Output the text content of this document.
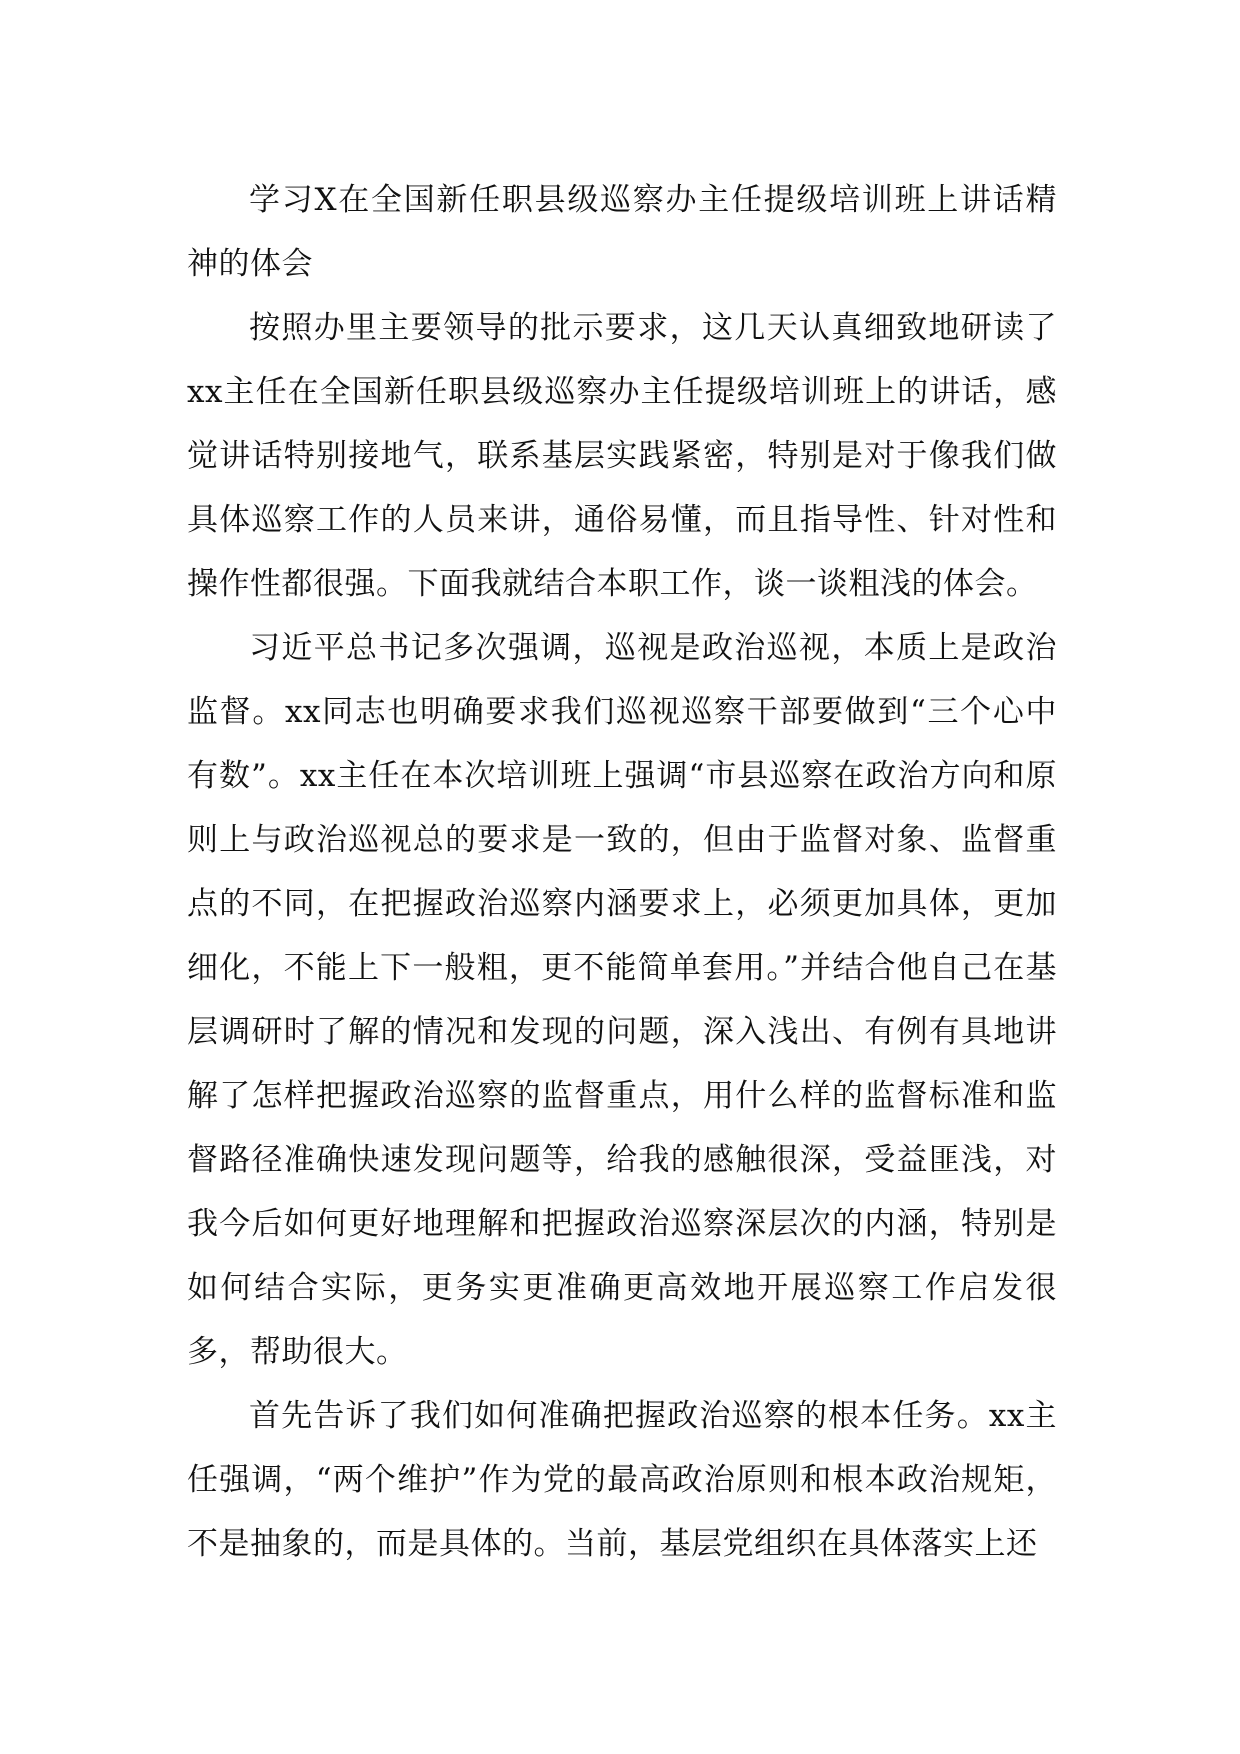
学习X在全国新任职县级巡察办主任提级培训班上讲话精神的体会

按照办里主要领导的批示要求，这几天认真细致地研读了xx主任在全国新任职县级巡察办主任提级培训班上的讲话，感觉讲话特别接地气，联系基层实践紧密，特别是对于像我们做具体巡察工作的人员来讲，通俗易懂，而且指导性、针对性和操作性都很强。下面我就结合本职工作，谈一谈粗浅的体会。

习近平总书记多次强调，巡视是政治巡视，本质上是政治监督。xx同志也明确要求我们巡视巡察干部要做到“三个心中有数”。xx主任在本次培训班上强调“市县巡察在政治方向和原则上与政治巡视总的要求是一致的，但由于监督对象、监督重点的不同，在把握政治巡察内涵要求上，必须更加具体，更加细化，不能上下一般粗，更不能简单套用。”并结合他自己在基层调研时了解的情况和发现的问题，深入浅出、有例有具地讲解了怎样把握政治巡察的监督重点，用什么样的监督标准和监督路径准确快速发现问题等，给我的感触很深，受益匪浅，对我今后如何更好地理解和把握政治巡察深层次的内涵，特别是如何结合实际，更务实更准确更高效地开展巡察工作启发很多，帮助很大。

首先告诉了我们如何准确把握政治巡察的根本任务。xx主任强调，“两个维护”作为党的最高政治原则和根本政治规矩，不是抽象的，而是具体的。当前，基层党组织在具体落实上还
